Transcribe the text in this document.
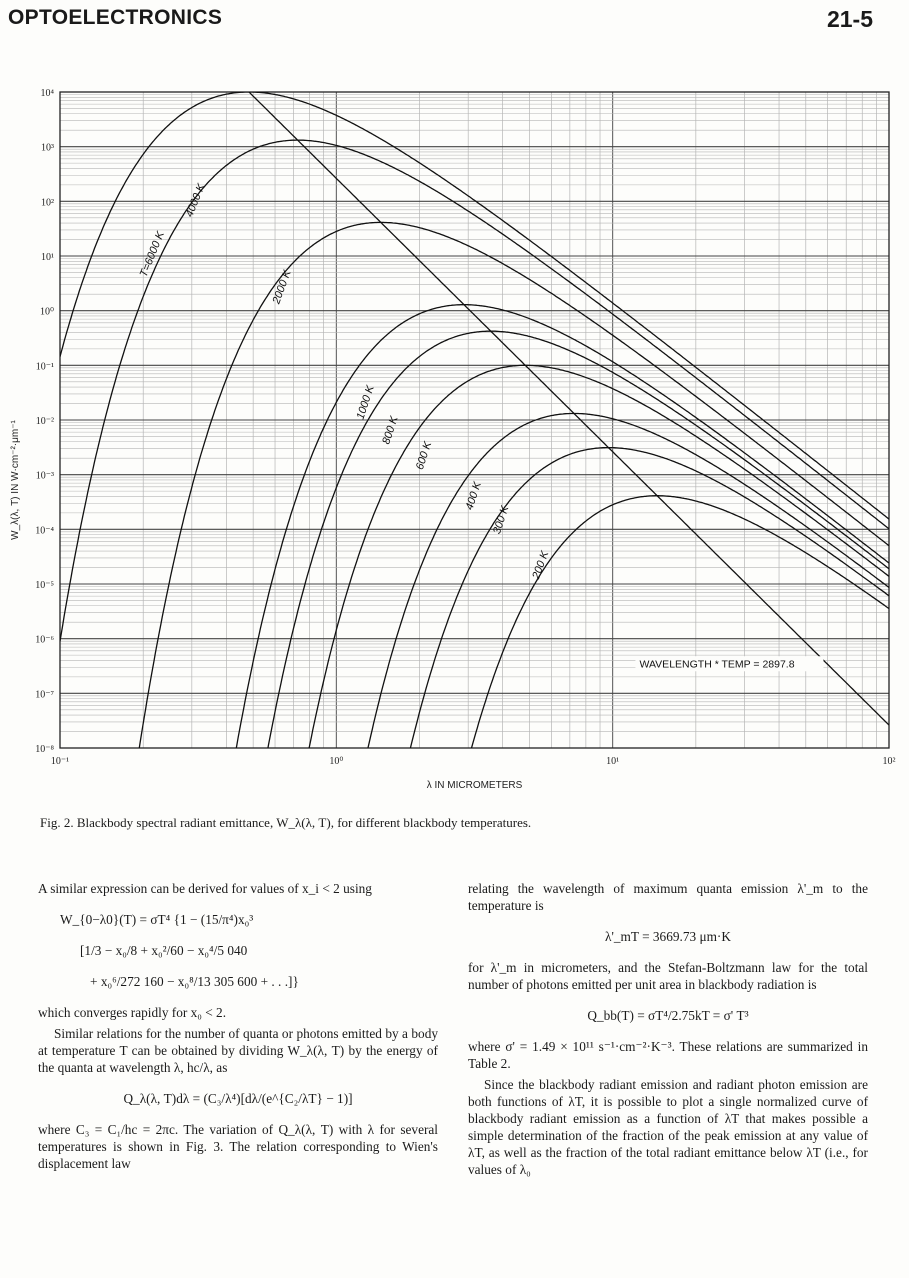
OPTOELECTRONICS	21-5
T=6000 K
4000 K
2000 K
1000 K
800 K
600 K
400 K
300 K
200 K
WAVELENGTH * TEMP = 2897.8
10⁴
10³
10²
10¹
10⁰
10⁻¹
10⁻²
10⁻³
10⁻⁴
10⁻⁵
10⁻⁶
10⁻⁷
10⁻⁸
10⁻¹	10⁰	10¹	10²
λ IN MICROMETERS
W_λ(λ, T) IN W·cm⁻²·μm⁻¹
Fig. 2. Blackbody spectral radiant emittance, W_λ(λ, T), for different blackbody temperatures.

A similar expression can be derived for values of x_i < 2 using

W_{0−λ0}(T) = σT⁴ {1 − (15/π⁴)x₀³
[1/3 − x₀/8 + x₀²/60 − x₀⁴/5 040
+ x₀⁶/272 160 − x₀⁸/13 305 600 + . . .]}

which converges rapidly for x₀ < 2.

Similar relations for the number of quanta or photons emitted by a body at temperature T can be obtained by dividing W_λ(λ, T) by the energy of the quanta at wavelength λ, hc/λ, as

Q_λ(λ, T)dλ = (C₃/λ⁴)[dλ/(e^{C₂/λT} − 1)]

where C₃ = C₁/hc = 2πc. The variation of Q_λ(λ, T) with λ for several temperatures is shown in Fig. 3. The relation corresponding to Wien's displacement law

relating the wavelength of maximum quanta emission λ'_m to the temperature is

λ'_mT = 3669.73 μm·K

for λ'_m in micrometers, and the Stefan-Boltzmann law for the total number of photons emitted per unit area in blackbody radiation is

Q_bb(T) = σT⁴/2.75kT = σ' T³

where σ' = 1.49 × 10¹¹ s⁻¹·cm⁻²·K⁻³. These relations are summarized in Table 2.

Since the blackbody radiant emission and radiant photon emission are both functions of λT, it is possible to plot a single normalized curve of blackbody radiant emission as a function of λT that makes possible a simple determination of the fraction of the peak emission at any value of λT, as well as the fraction of the total radiant emittance below λT (i.e., for values of λ₀
